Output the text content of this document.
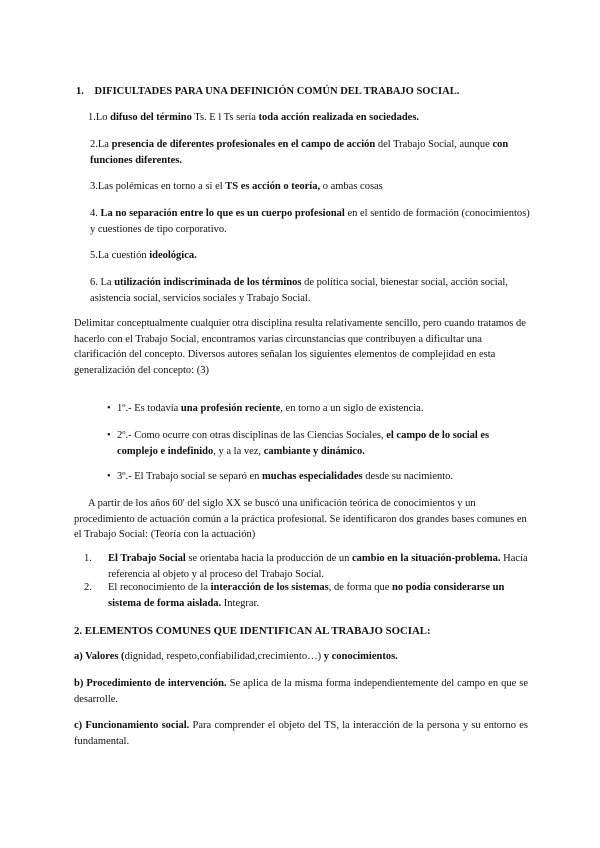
1. DIFICULTADES PARA UNA DEFINICIÓN COMÚN DEL TRABAJO SOCIAL.
1.Lo difuso del término Ts. E l Ts sería toda acción realizada en sociedades.
2.La presencia de diferentes profesionales en el campo de acción del Trabajo Social, aunque con funciones diferentes.
3.Las polémicas en torno a si el TS es acción o teoría, o ambas cosas
4. La no separación entre lo que es un cuerpo profesional en el sentido de formación (conocimientos) y cuestiones de tipo corporativo.
5.La cuestión ideológica.
6. La utilización indiscriminada de los términos de política social, bienestar social, acción social, asistencia social, servicios sociales y Trabajo Social.
Delimitar conceptualmente cualquier otra disciplina resulta relativamente sencillo, pero cuando tratamos de hacerlo con el Trabajo Social, encontramos varias circunstancias que contribuyen a dificultar una clarificación del concepto. Diversos autores señalan los siguientes elementos de complejidad en esta generalización del concepto: (3)
• 1º.- Es todavía una profesión reciente, en torno a un siglo de existencia.
• 2º.- Como ocurre con otras disciplinas de las Ciencias Sociales, el campo de lo social es complejo e indefinido, y a la vez, cambiante y dinámico.
• 3º.- El Trabajo social se separó en muchas especialidades desde su nacimiento.
A partir de los años 60' del siglo XX se buscó una unificación teórica de conocimientos y un procedimiento de actuación común a la práctica profesional. Se identificaron dos grandes bases comunes en el Trabajo Social: (Teoría con la actuación)
1. El Trabajo Social se orientaba hacia la producción de un cambio en la situación-problema. Hacía referencia al objeto y al proceso del Trabajo Social.
2. El reconocimiento de la interacción de los sistemas, de forma que no podía considerarse un sistema de forma aislada. Integrar.
2. ELEMENTOS COMUNES QUE IDENTIFICAN AL TRABAJO SOCIAL:
a) Valores (dignidad, respeto,confiabilidad,crecimiento…) y conocimientos.
b) Procedimiento de intervención. Se aplica de la misma forma independientemente del campo en que se desarrolle.
c) Funcionamiento social. Para comprender el objeto del TS, la interacción de la persona y su entorno es fundamental.
